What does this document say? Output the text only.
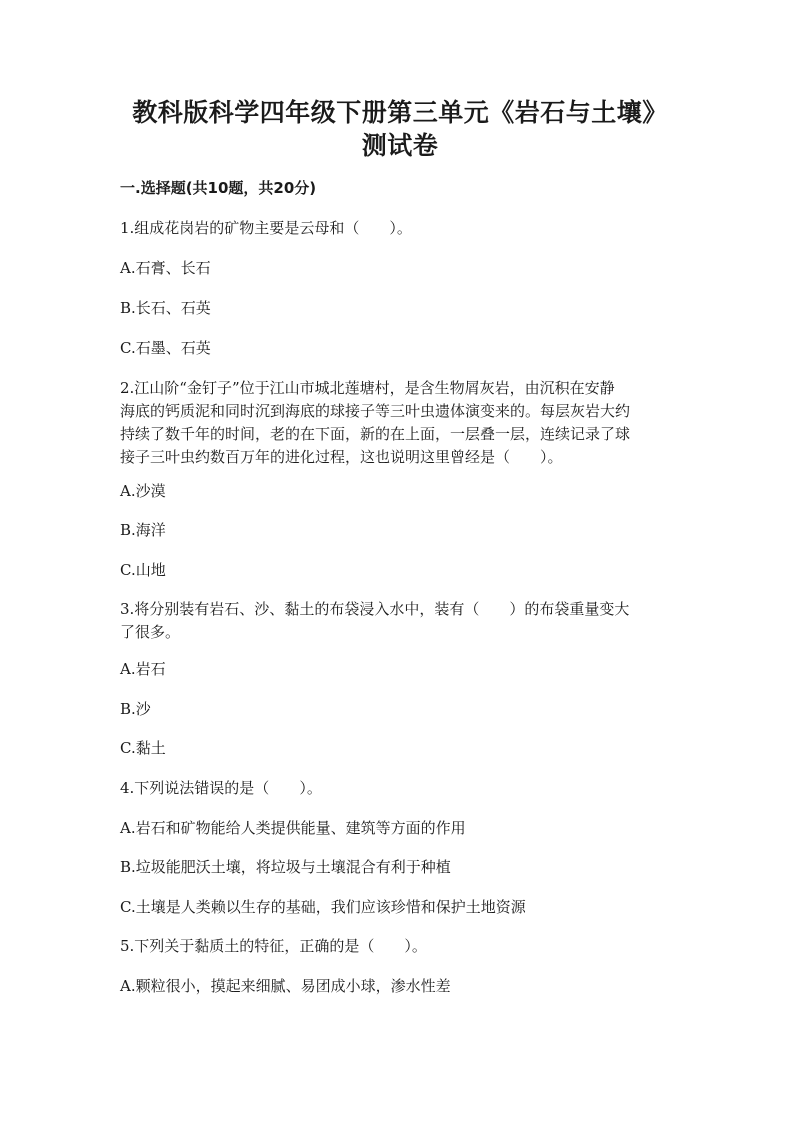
教科版科学四年级下册第三单元《岩石与土壤》测试卷
一.选择题(共10题，共20分)
1.组成花岗岩的矿物主要是云母和（　　）。
A.石膏、长石
B.长石、石英
C.石墨、石英
2.江山阶“金钉子”位于江山市城北莲塘村，是含生物屑灰岩，由沉积在安静
海底的钙质泥和同时沉到海底的球接子等三叶虫遗体演变来的。每层灰岩大约
持续了数千年的时间，老的在下面，新的在上面，一层叠一层，连续记录了球
接子三叶虫约数百万年的进化过程，这也说明这里曾经是（　　）。
A.沙漠
B.海洋
C.山地
3.将分别装有岩石、沙、黏土的布袋浸入水中，装有（　　）的布袋重量变大
了很多。
A.岩石
B.沙
C.黏土
4.下列说法错误的是（　　）。
A.岩石和矿物能给人类提供能量、建筑等方面的作用
B.垃圾能肥沃土壤，将垃圾与土壤混合有利于种植
C.土壤是人类赖以生存的基础，我们应该珍惜和保护土地资源
5.下列关于黏质土的特征，正确的是（　　）。
A.颗粒很小，摸起来细腻、易团成小球，渗水性差
